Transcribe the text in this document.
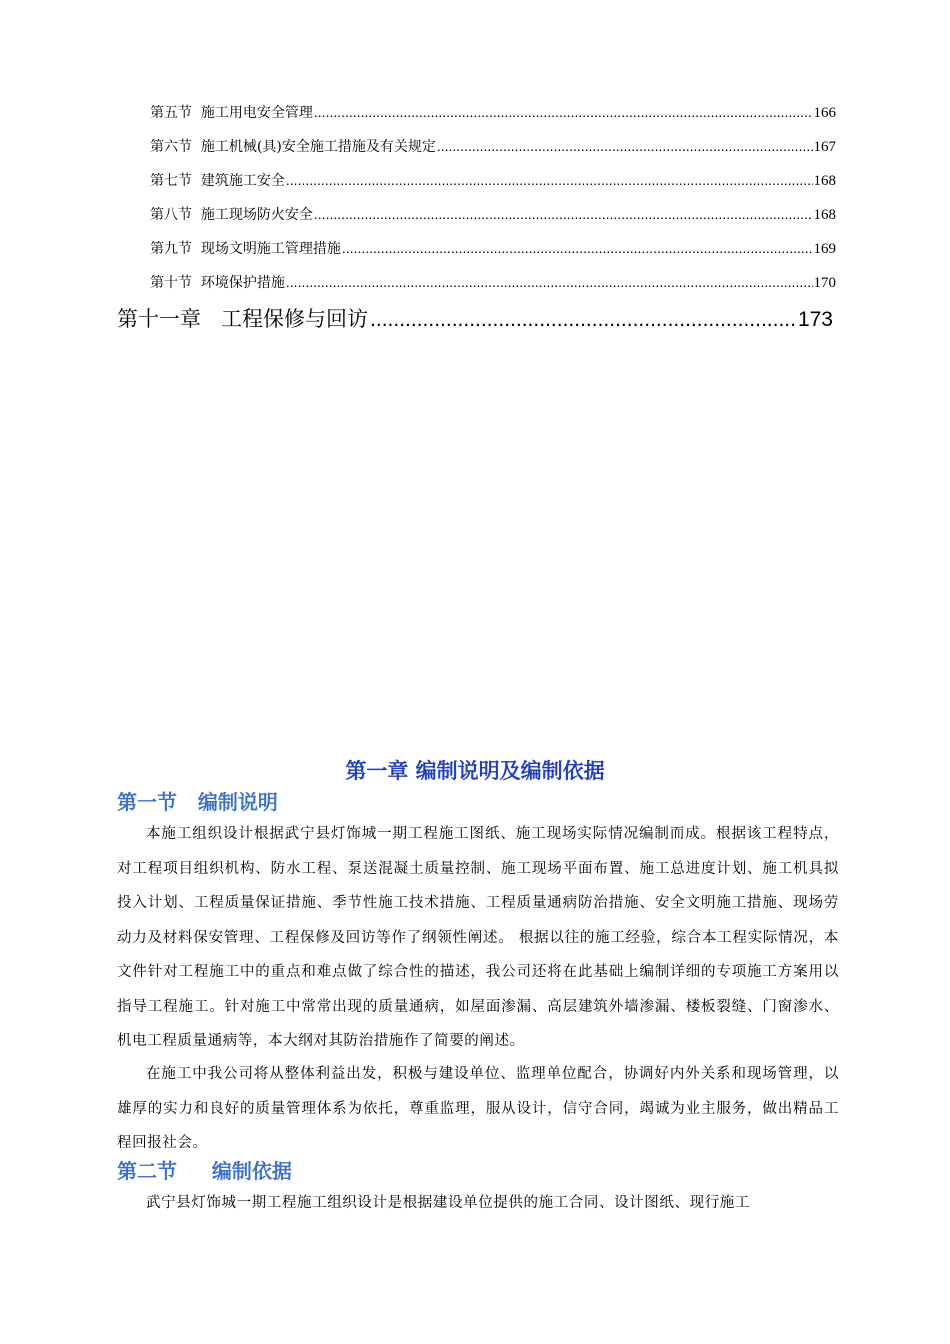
第五节  施工用电安全管理 .....	166
第六节  施工机械(具)安全施工措施及有关规定 .....	167
第七节  建筑施工安全 .....	168
第八节  施工现场防火安全 .....	168
第九节  现场文明施工管理措施 .....	169
第十节  环境保护措施 .....	170
第十一章   工程保修与回访 .....	173
第一章 编制说明及编制依据
第一节   编制说明
本施工组织设计根据武宁县灯饰城一期工程施工图纸、施工现场实际情况编制而成。根据该工程特点，对工程项目组织机构、防水工程、泵送混凝土质量控制、施工现场平面布置、施工总进度计划、施工机具拟投入计划、工程质量保证措施、季节性施工技术措施、工程质量通病防治措施、安全文明施工措施、现场劳动力及材料保安管理、工程保修及回访等作了纲领性阐述。 根据以往的施工经验，综合本工程实际情况，本文件针对工程施工中的重点和难点做了综合性的描述，我公司还将在此基础上编制详细的专项施工方案用以指导工程施工。针对施工中常常出现的质量通病，如屋面渗漏、高层建筑外墙渗漏、楼板裂缝、门窗渗水、机电工程质量通病等，本大纲对其防治措施作了简要的阐述。
在施工中我公司将从整体利益出发，积极与建设单位、监理单位配合，协调好内外关系和现场管理，以雄厚的实力和良好的质量管理体系为依托，尊重监理，服从设计，信守合同，竭诚为业主服务，做出精品工程回报社会。
第二节     编制依据
武宁县灯饰城一期工程施工组织设计是根据建设单位提供的施工合同、设计图纸、现行施工
